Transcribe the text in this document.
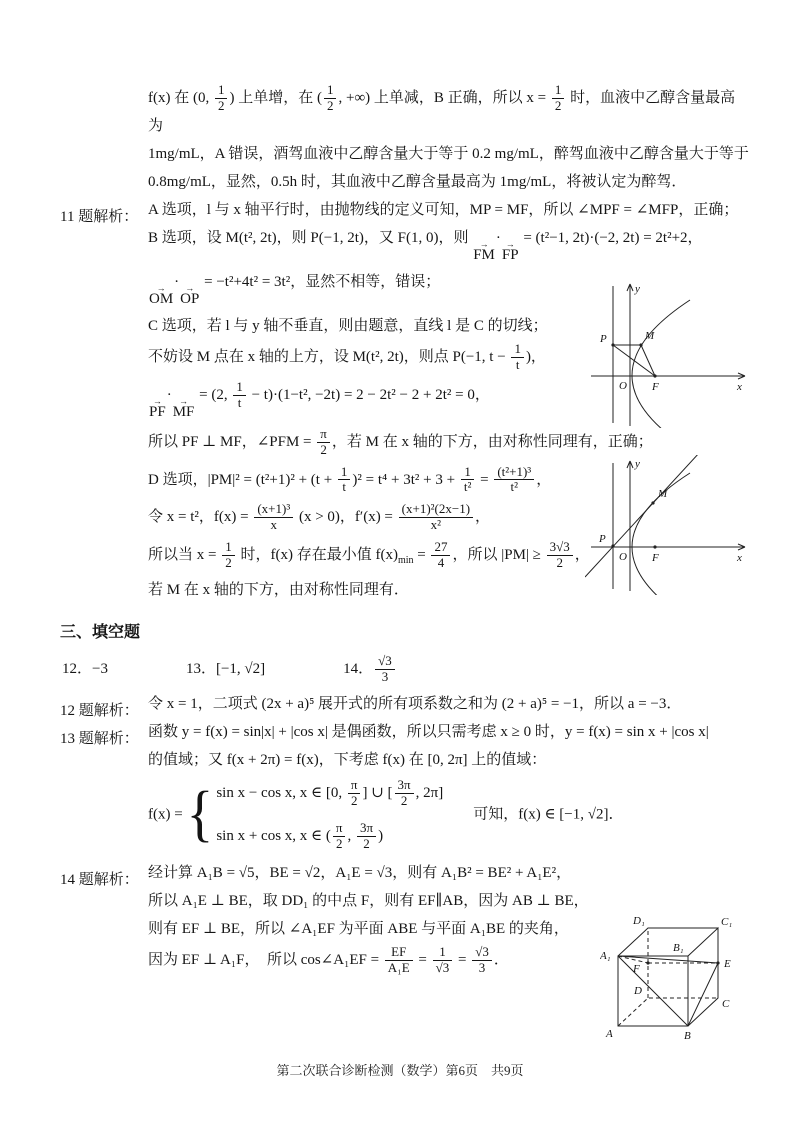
f(x) 在 (0, $\frac{1}{2}$ ) 上单增，在 ( $\frac{1}{2}$ , +∞) 上单减，B 正确，所以 $x = \frac{1}{2}$ 时，血液中乙醇含量最高为
1mg/mL，A 错误，酒驾血液中乙醇含量大于等于 0.2 mg/mL，醉驾血液中乙醇含量大于等于
0.8mg/mL，显然，0.5h 时，其血液中乙醇含量最高为 1mg/mL，将被认定为醉驾．
11 题解析： A 选项，l 与 x 轴平行时，由抛物线的定义可知，MP = MF，所以 ∠MPF = ∠MFP，正确；
B 选项，设 M(t², 2t)，则 P(−1, 2t)，又 F(1, 0)，则 →
FM
· →
FP
= (t²−1, 2t)·(−2, 2t) = 2t²+2，
→
OM
· →
OP
= −t²+4t² = 3t²，显然不相等，错误；
C 选项，若 l 与 y 轴不垂直，则由题意，直线 l 是 C 的切线；
不妨设 M 点在 x 轴的上方，设 M(t², 2t)，则点 P(−1, $t - \frac{1}{t}$ )，
→
PF
· →
MF
= (2, $\frac{1}{t} - t)\cdot(1-t^2$, −2t) = 2 − 2t² − 2 + 2t² = 0，
所以 PF ⊥ MF，∠PFM = $\frac{\pi}{2}$ ，若 M 在 x 轴的下方，由对称性同理有，正确；
D 选项，$|PM|^2 = (t^2+1)^2 + (t + \frac{1}{t} )^2 = t^4 + 3t^2 + 3 + \frac{1}{\text{t²}} = \frac{\text{(t²+1)³}}{\text{t²}}$ ，
令 x = t²，$f(x) = \frac{\text{(x+1)³}}{x} (x > 0)$，$f'(x) = \frac{\text{(x+1)²(2x−1)}}{\text{x²}}$ ，
所以当 $x = \frac{1}{2}$ 时，f(x) 存在最小值 $f(x)_{min} = \frac{27}{4}$ ，所以 $|PM| \ge \frac{3√3}{2}$ ，
若 M 在 x 轴的下方，由对称性同理有．
三、填空题
12．−3	13．[−1, √2]	14． $\frac{√3}{3}$
12 题解析： 令 x = 1，二项式 (2x + a)⁵ 展开式的所有项系数之和为 (2 + a)⁵ = −1，所以 a = −3．
13 题解析： 函数 y = f(x) = sin|x| + |cos x| 是偶函数，所以只需考虑 x ≥ 0 时，y = f(x) = sin x + |cos x|
的值域；又 f(x + 2π) = f(x)，下考虑 f(x) 在 [0, 2π] 上的值域：
f(x) = { sin x − cos x, x ∈ [0, $\frac{\pi}{2}$ ] ∪ [ $\frac{3\pi}{2}$ , 2π]
sin x + cos x, x ∈ ( $\frac{\pi}{2}$ , $\frac{3\pi}{2}$ )
　　可知，f(x) ∈ [−1, √2]．
14 题解析： 经计算 A₁B = √5，BE = √2，A₁E = √3，则有 A₁B² = BE² + A₁E²，
所以 A₁E ⊥ BE，取 DD₁ 的中点 F，则有 EF∥AB，因为 AB ⊥ BE，
则有 EF ⊥ BE，所以 ∠A₁EF 为平面 ABE 与平面 A₁BE 的夹角，
因为 EF ⊥ A₁F，　所以 cos∠A₁EF = $\frac{EF}{\text{A₁E}} = \frac{1}{√3} = \frac{√3}{3}$ ．
y
x
O F
M
P
y
x
O F
M
P
A	B
C
D
A₁
B₁
C₁
D₁
E
F
第二次联合诊断检测（数学）第6页　共9页
